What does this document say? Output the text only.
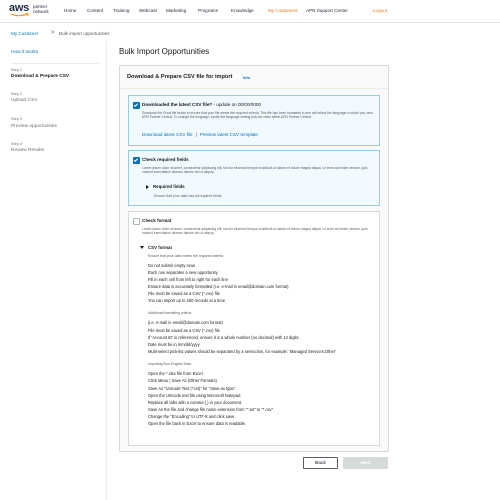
aws partner
network	Home Content Training Webcast Marketing	Programs	Knowledge	My Customers APN Support Center	Logout
My Customer > Bulk import opportunities
How it works
Step 1
Download & Prepare CSV
Step 2
Upload CSV
Step 3
Preview opportunities
Step 4
Review Results
Bulk Import Opportunities
Download & Prepare CSV file for import	Info
Downloaded the latest CSV file? - update on 00/00/0000
Download the Excel file below to ensure that your file meets the required criteria. This file has been formatted in and will reflect the language in which you view APN Partner Central. To change the language, locate the language setting pick-list value within APN Partner Central.
Download latest CSV file | Preview latest CSV template
Check required fields
Lorem ipsum dolor sit amet, consectetur adipiscing elit, sed do eiusmod tempor incididunt ut labore et dolore magna aliqua. Ut enim ad minim veniam, quis nostrud exercitation ullamco laboris nisi ut aliquip.
Required fields
Ensure that your data has all required fields
Check format
Lorem ipsum dolor sit amet, consectetur adipiscing elit, sed do eiusmod tempor incididunt ut labore et dolore magna aliqua. Ut enim ad minim veniam, quis nostrud exercitation ullamco laboris nisi ut aliquip.
CSV format
Ensure that your data meets the required criteria
Do not submit empty rows
Each row separates a new opportunity
Fill in each cell from left to right for each line
Ensure data is accurately formatted (i.e. e-mail in email@domain.com format)
File must be saved as a CSV (*.csv) file
You can import up to 250 records at a time
Additional formatting criteria
(i.e. e-mail in email@domain.com format)
File must be saved as a CSV (*.csv) file
If 'Account ID' is referenced, ensure it is a whole number (no decimal) with 12 digits
Date must be in mm/dd/yyyy
Multi-select pick-list values should be separated by a semicolon, for example: 'Managed Services;Other'
Importing Non-English Data
Open the *.xlsx file from Excel
Click Menu | Save As (Other Formats)
Save As "Unicode Text (*.txt)" for "Save as type".
Open the Unicode text file using Microsoft Notepad
Replace all tabs with a comma (,) in your document.
Save As the file and change file name extension from "*.txt" to "*.csv".
Change the "Encoding" to UTF-8 and click save.
Open the file back in Excel to ensure data is readable.
Back	Next
